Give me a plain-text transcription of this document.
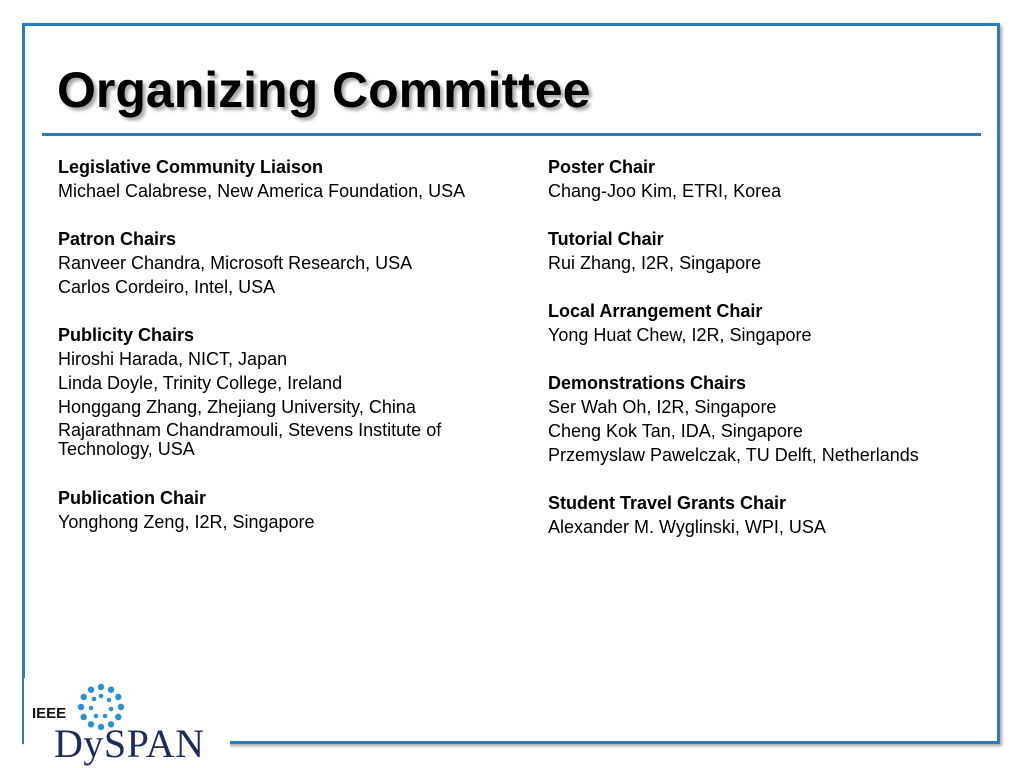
Organizing Committee
Legislative Community Liaison
Michael Calabrese, New America Foundation, USA
Patron Chairs
Ranveer Chandra, Microsoft Research, USA
Carlos Cordeiro, Intel, USA
Publicity Chairs
Hiroshi Harada, NICT, Japan
Linda Doyle, Trinity College, Ireland
Honggang Zhang, Zhejiang University, China
Rajarathnam Chandramouli, Stevens Institute of Technology, USA
Publication Chair
Yonghong Zeng, I2R, Singapore
Poster Chair
Chang-Joo Kim, ETRI, Korea
Tutorial Chair
Rui Zhang, I2R, Singapore
Local Arrangement Chair
Yong Huat Chew, I2R, Singapore
Demonstrations Chairs
Ser Wah Oh, I2R, Singapore
Cheng Kok Tan, IDA, Singapore
Przemyslaw Pawelczak, TU Delft, Netherlands
Student Travel Grants Chair
Alexander M. Wyglinski, WPI, USA
IEEE
DySPAN
